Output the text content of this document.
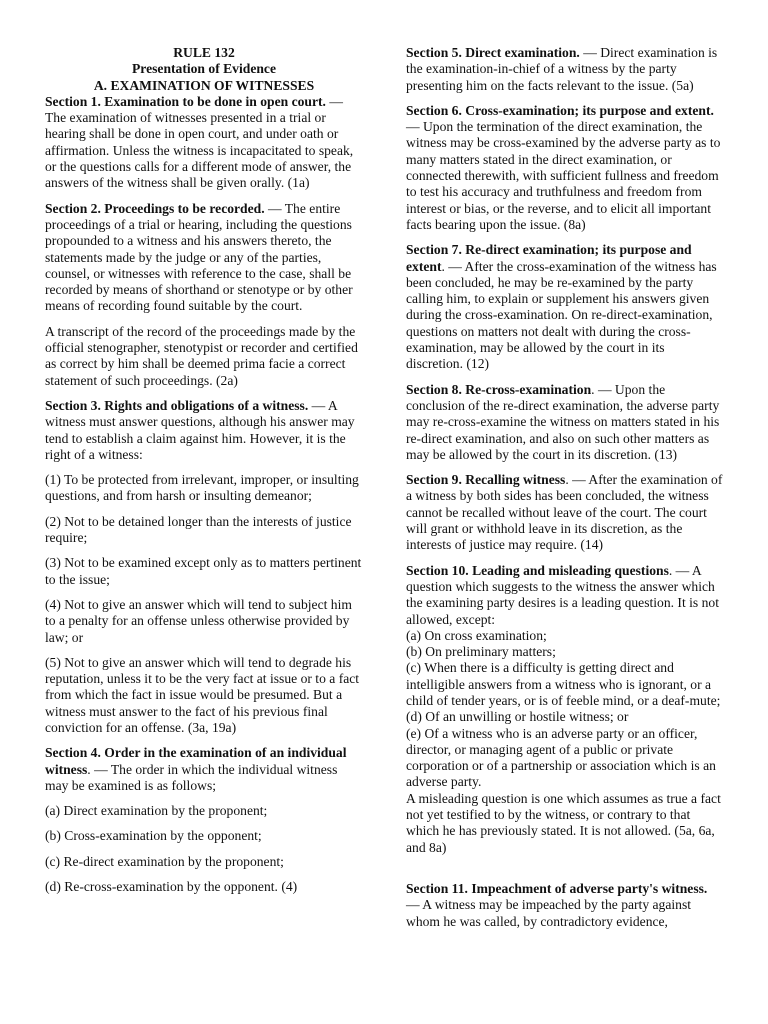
RULE 132

Presentation of Evidence

A. EXAMINATION OF WITNESSES

Section 1. Examination to be done in open court. — The examination of witnesses presented in a trial or hearing shall be done in open court, and under oath or affirmation. Unless the witness is incapacitated to speak, or the questions calls for a different mode of answer, the answers of the witness shall be given orally. (1a)

Section 2. Proceedings to be recorded. — The entire proceedings of a trial or hearing, including the questions propounded to a witness and his answers thereto, the statements made by the judge or any of the parties, counsel, or witnesses with reference to the case, shall be recorded by means of shorthand or stenotype or by other means of recording found suitable by the court.

A transcript of the record of the proceedings made by the official stenographer, stenotypist or recorder and certified as correct by him shall be deemed prima facie a correct statement of such proceedings. (2a)

Section 3. Rights and obligations of a witness. — A witness must answer questions, although his answer may tend to establish a claim against him. However, it is the right of a witness:

(1) To be protected from irrelevant, improper, or insulting questions, and from harsh or insulting demeanor;

(2) Not to be detained longer than the interests of justice require;

(3) Not to be examined except only as to matters pertinent to the issue;

(4) Not to give an answer which will tend to subject him to a penalty for an offense unless otherwise provided by law; or

(5) Not to give an answer which will tend to degrade his reputation, unless it to be the very fact at issue or to a fact from which the fact in issue would be presumed. But a witness must answer to the fact of his previous final conviction for an offense. (3a, 19a)

Section 4. Order in the examination of an individual witness. — The order in which the individual witness may be examined is as follows;

(a) Direct examination by the proponent;

(b) Cross-examination by the opponent;

(c) Re-direct examination by the proponent;

(d) Re-cross-examination by the opponent. (4)

Section 5. Direct examination. — Direct examination is the examination-in-chief of a witness by the party presenting him on the facts relevant to the issue. (5a)

Section 6. Cross-examination; its purpose and extent. — Upon the termination of the direct examination, the witness may be cross-examined by the adverse party as to many matters stated in the direct examination, or connected therewith, with sufficient fullness and freedom to test his accuracy and truthfulness and freedom from interest or bias, or the reverse, and to elicit all important facts bearing upon the issue. (8a)

Section 7. Re-direct examination; its purpose and extent. — After the cross-examination of the witness has been concluded, he may be re-examined by the party calling him, to explain or supplement his answers given during the cross-examination. On re-direct-examination, questions on matters not dealt with during the cross-examination, may be allowed by the court in its discretion. (12)

Section 8. Re-cross-examination. — Upon the conclusion of the re-direct examination, the adverse party may re-cross-examine the witness on matters stated in his re-direct examination, and also on such other matters as may be allowed by the court in its discretion. (13)

Section 9. Recalling witness. — After the examination of a witness by both sides has been concluded, the witness cannot be recalled without leave of the court. The court will grant or withhold leave in its discretion, as the interests of justice may require. (14)

Section 10. Leading and misleading questions. — A question which suggests to the witness the answer which the examining party desires is a leading question. It is not allowed, except:

(a) On cross examination;

(b) On preliminary matters;

(c) When there is a difficulty is getting direct and intelligible answers from a witness who is ignorant, or a child of tender years, or is of feeble mind, or a deaf-mute;

(d) Of an unwilling or hostile witness; or

(e) Of a witness who is an adverse party or an officer, director, or managing agent of a public or private corporation or of a partnership or association which is an adverse party.

A misleading question is one which assumes as true a fact not yet testified to by the witness, or contrary to that which he has previously stated. It is not allowed. (5a, 6a, and 8a)

Section 11. Impeachment of adverse party's witness. — A witness may be impeached by the party against whom he was called, by contradictory evidence,
